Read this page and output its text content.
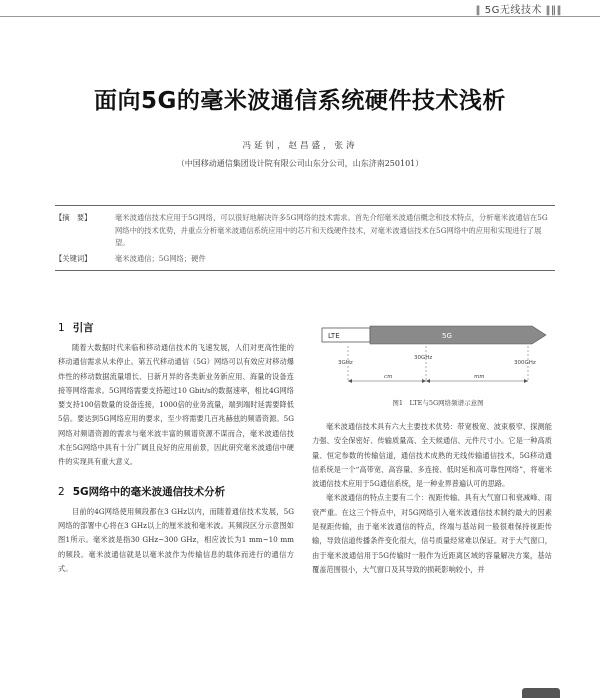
‖ 5G无线技术 ‖‖‖
面向5G的毫米波通信系统硬件技术浅析
冯延钊，赵昌盛，张涛
（中国移动通信集团设计院有限公司山东分公司，山东济南250101）
【摘　要】	毫米波通信技术应用于5G网络，可以很好地解决许多5G网络的技术需求。首先介绍毫米波通信概念和技术特点，分析毫米波通信在5G网络中的技术优势，并重点分析毫米波通信系统应用中的芯片和天线硬件技术，对毫米波通信技术在5G网络中的应用和实现进行了展望。
【关键词】	毫米波通信；5G网络；硬件
1 引言
随着大数据时代来临和移动通信技术的飞速发展，人们对更高性能的移动通信需求从未停止。第五代移动通信（5G）网络可以有效应对移动爆炸性的移动数据流量增长、日新月异的各类新业务新应用、海量的设备连接等网络需求。5G网络需要支持超过10 Gbit/s的数据速率，相比4G网络要支持100倍数量的设备连接，1000倍的业务流量，端到端时延需要降低5倍。要达到5G网络应用的要求，至少将需要几百兆赫兹的频谱资源。5G网络对频谱资源的需求与毫米波丰富的频谱资源不谋而合，毫米波通信技术在5G网络中具有十分广阔且良好的应用前景，因此研究毫米波通信中硬件的实现具有重大意义。
2 5G网络中的毫米波通信技术分析
目前的4G网络使用频段都在3 GHz以内，而随着通信技术发展，5G网络的部署中心将在3 GHz以上的厘米波和毫米波。其频段区分示意图如图1所示。毫米波是指30 GHz~300 GHz，相应波长为1 mm~10 mm的频段。毫米波通信就是以毫米波作为传输信息的载体而进行的通信方式。
LTE	5G
3GHz
30GHz
300GHz
cm	mm
图1　LTE与5G网络频谱示意图
毫米波通信技术具有六大主要技术优势：带宽极宽、波束极窄、探测能力强、安全保密好、传输质量高、全天候通信、元件尺寸小。它是一种高质量、恒定参数的传输信道，通信技术成熟的无线传输通信技术，5G移动通信系统是一个“高带宽、高容量、多连接、低时延和高可靠性网络”，将毫米波通信技术应用于5G通信系统，是一种业界普遍认可的思路。
毫米波通信的特点主要有二个：视距传输、具有大气窗口和衰减峰、雨衰严重。在这三个特点中，对5G网络引入毫米波通信技术制约最大的因素是视距传输，由于毫米波通信的特点，终端与基站间一般很难保持视距传输，导致信道传播条件变化很大，信号质量经常难以保证。对于大气窗口，由于毫米波通信用于5G传输时一般作为近距离区域的容量解决方案，基站覆盖范围很小，大气窗口及其导致的损耗影响较小，并
